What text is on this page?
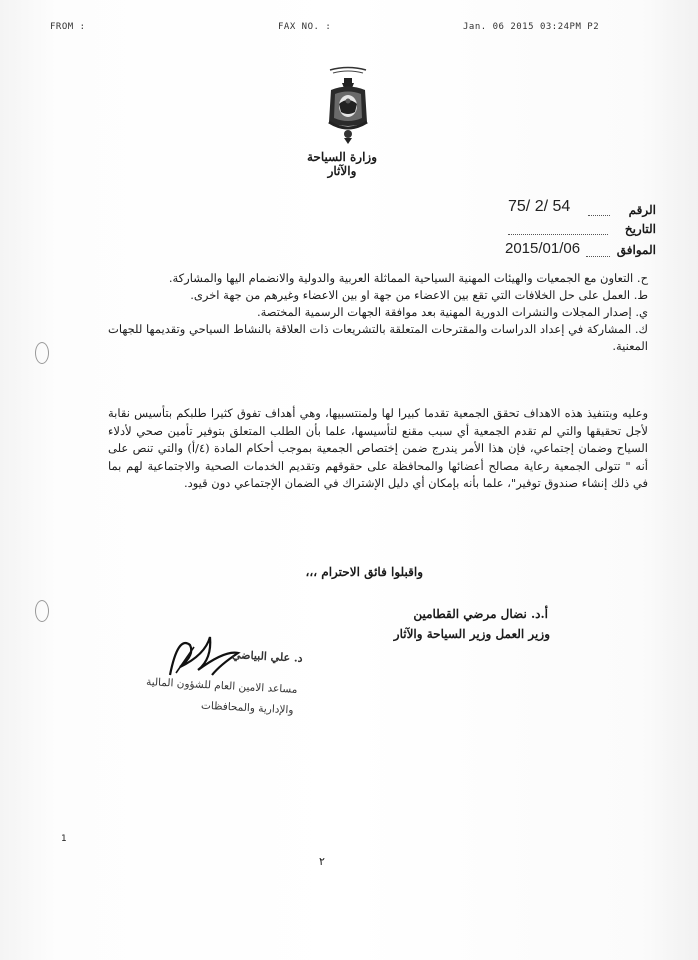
FROM :	FAX NO. :	Jan. 06 2015 03:24PM P2
وزارة السياحة والآثار
الرقم
75/ 2/ 54
التاريخ
الموافق
2015/01/06

ح. التعاون مع الجمعيات والهيئات المهنية السياحية المماثلة العربية والدولية والانضمام اليها والمشاركة.

ط. العمل على حل الخلافات التي تقع بين الاعضاء من جهة او بين الاعضاء وغيرهم من جهة اخرى.

ي. إصدار المجلات والنشرات الدورية المهنية بعد موافقة الجهات الرسمية المختصة.

ك. المشاركة في إعداد الدراسات والمقترحات المتعلقة بالتشريعات ذات العلاقة بالنشاط السياحي وتقديمها للجهات المعنية.

وعليه وبتنفيذ هذه الاهداف تحقق الجمعية تقدما كبيرا لها ولمنتسبيها، وهي أهداف تفوق كثيرا طلبكم بتأسيس نقابة لأجل تحقيقها والتي لم تقدم الجمعية أي سبب مقنع لتأسيسها، علما بأن الطلب المتعلق بتوفير تأمين صحي لأدلاء السياح وضمان إجتماعي، فإن هذا الأمر يندرج ضمن إختصاص الجمعية بموجب أحكام المادة (٤/أ) والتي تنص على أنه " تتولى الجمعية رعاية مصالح أعضائها والمحافظة على حقوقهم وتقديم الخدمات الصحية والاجتماعية لهم بما في ذلك إنشاء صندوق توفير"، علما بأنه بإمكان أي دليل الإشتراك في الضمان الإجتماعي دون قيود.

واقبلوا فائق الاحترام ،،،
أ.د. نضال مرضي القطامين
وزير العمل وزير السياحة والآثار
د. علي البياضي
مساعد الامين العام للشؤون المالية
والإدارية والمحافظات
1
٢
